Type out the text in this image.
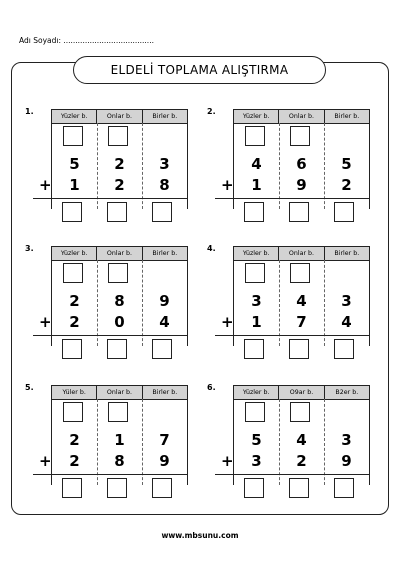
Adı Soyadı: ......................................
ELDELİ TOPLAMA ALIŞTIRMA
1.
Yüzler b.	Onlar b.	Birler b.
5	2	3
1	2	8
+
2.
Yüzler b.	Onlar b.	Birler b.
4	6	5
1	9	2
+
3.
Yüzler b.	Onlar b.	Birler b.
2	8	9
2	0	4
+
4.
Yüzler b.	Onlar b.	Birler b.
3	4	3
1	7	4
+
5.
Yüler b.	Onlar b.	Birler b.
2	1	7
2	8	9
+
6.
Yüzler b.	O9ar b.	B2er b.
5	4	3
3	2	9
+
www.mbsunu.com
